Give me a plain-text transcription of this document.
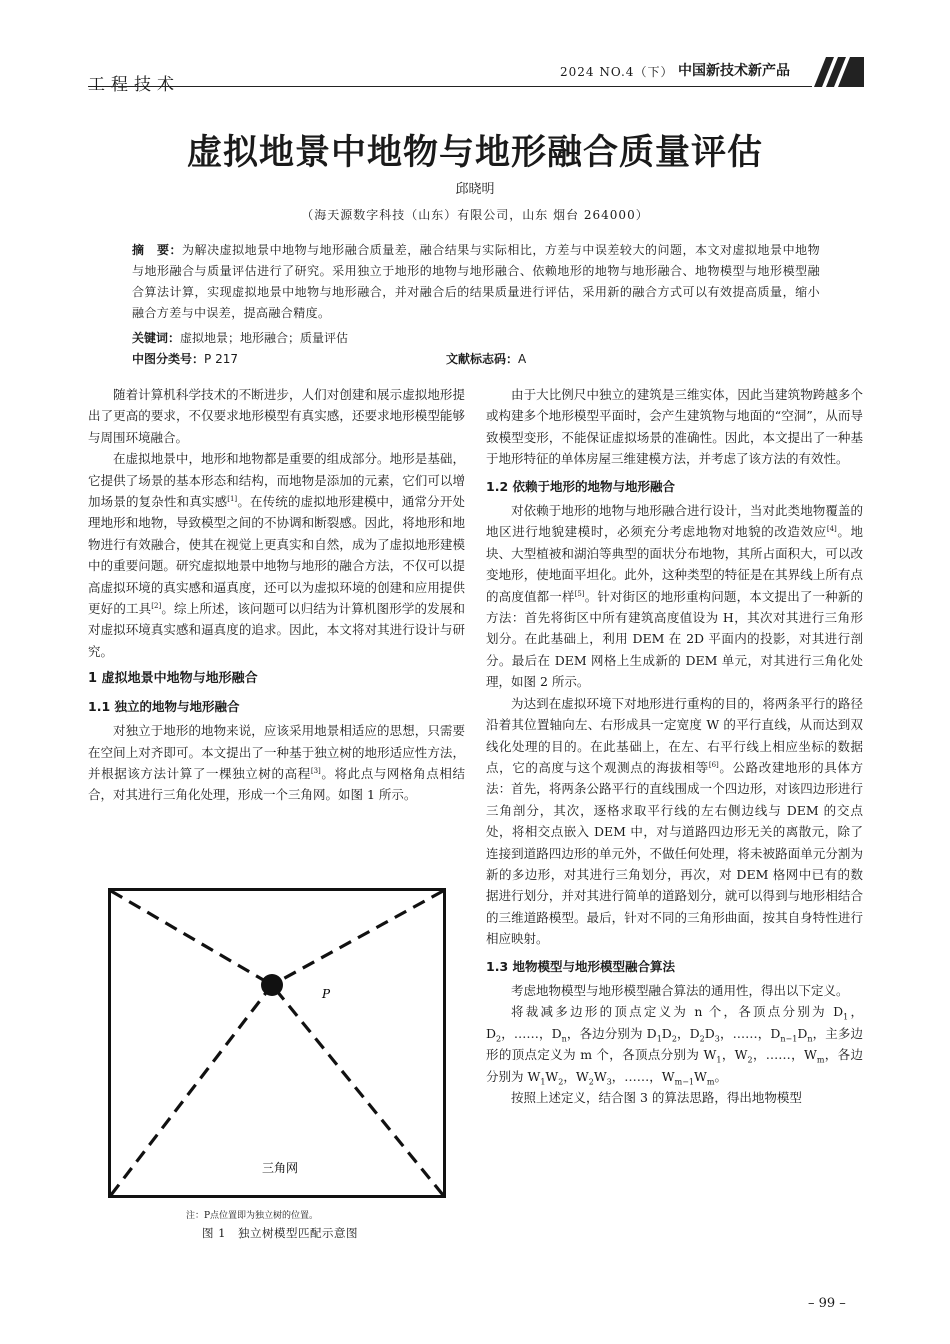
工程技术
2024 NO.4（下） 中国新技术新产品
虚拟地景中地物与地形融合质量评估
邱晓明
（海天源数字科技（山东）有限公司，山东 烟台 264000）
摘　要：为解决虚拟地景中地物与地形融合质量差，融合结果与实际相比，方差与中误差较大的问题，本文对虚拟地景中地物与地形融合与质量评估进行了研究。采用独立于地形的地物与地形融合、依赖地形的地物与地形融合、地物模型与地形模型融合算法计算，实现虚拟地景中地物与地形融合，并对融合后的结果质量进行评估，采用新的融合方式可以有效提高质量，缩小融合方差与中误差，提高融合精度。
关键词：虚拟地景；地形融合；质量评估
中图分类号：P 217	文献标志码：A

随着计算机科学技术的不断进步，人们对创建和展示虚拟地形提出了更高的要求，不仅要求地形模型有真实感，还要求地形模型能够与周围环境融合。

在虚拟地景中，地形和地物都是重要的组成部分。地形是基础，它提供了场景的基本形态和结构，而地物是添加的元素，它们可以增加场景的复杂性和真实感[1]。在传统的虚拟地形建模中，通常分开处理地形和地物，导致模型之间的不协调和断裂感。因此，将地形和地物进行有效融合，使其在视觉上更真实和自然，成为了虚拟地形建模中的重要问题。研究虚拟地景中地物与地形的融合方法，不仅可以提高虚拟环境的真实感和逼真度，还可以为虚拟环境的创建和应用提供更好的工具[2]。综上所述，该问题可以归结为计算机图形学的发展和对虚拟环境真实感和逼真度的追求。因此，本文将对其进行设计与研究。

1 虚拟地景中地物与地形融合
1.1 独立的地物与地形融合

对独立于地形的地物来说，应该采用地景相适应的思想，只需要在空间上对齐即可。本文提出了一种基于独立树的地形适应性方法，并根据该方法计算了一棵独立树的高程[3]。将此点与网格角点相结合，对其进行三角化处理，形成一个三角网。如图 1 所示。

P
三角网
注：P点位置即为独立树的位置。
图 1　独立树模型匹配示意图

由于大比例尺中独立的建筑是三维实体，因此当建筑物跨越多个或构建多个地形模型平面时，会产生建筑物与地面的“空洞”，从而导致模型变形，不能保证虚拟场景的准确性。因此，本文提出了一种基于地形特征的单体房屋三维建模方法，并考虑了该方法的有效性。

1.2 依赖于地形的地物与地形融合

对依赖于地形的地物与地形融合进行设计，当对此类地物覆盖的地区进行地貌建模时，必须充分考虑地物对地貌的改造效应[4]。地块、大型植被和湖泊等典型的面状分布地物，其所占面积大，可以改变地形，使地面平坦化。此外，这种类型的特征是在其界线上所有点的高度值都一样[5]。针对街区的地形重构问题，本文提出了一种新的方法：首先将街区中所有建筑高度值设为 H，其次对其进行三角形划分。在此基础上，利用 DEM 在 2D 平面内的投影，对其进行剖分。最后在 DEM 网格上生成新的 DEM 单元，对其进行三角化处理，如图 2 所示。

为达到在虚拟环境下对地形进行重构的目的，将两条平行的路径沿着其位置轴向左、右形成具一定宽度 W 的平行直线，从而达到双线化处理的目的。在此基础上，在左、右平行线上相应坐标的数据点，它的高度与这个观测点的海拔相等[6]。公路改建地形的具体方法：首先，将两条公路平行的直线围成一个四边形，对该四边形进行三角剖分，其次，逐格求取平行线的左右侧边线与 DEM 的交点处，将相交点嵌入 DEM 中，对与道路四边形无关的离散元，除了连接到道路四边形的单元外，不做任何处理，将未被路面单元分割为新的多边形，对其进行三角划分，再次，对 DEM 格网中已有的数据进行划分，并对其进行简单的道路划分，就可以得到与地形相结合的三维道路模型。最后，针对不同的三角形曲面，按其自身特性进行相应映射。

1.3 地物模型与地形模型融合算法

考虑地物模型与地形模型融合算法的通用性，得出以下定义。

将裁减多边形的顶点定义为 n 个，各顶点分别为 $D_1$，$D_2$，……，$D_n$，各边分别为 $D_1D_2$，$D_2D_3$，……，$D_{n-1}D_n$，主多边形的顶点定义为 m 个，各顶点分别为 $W_1$，$W_2$，……，$W_m$，各边分别为 $W_1W_2$，$W_2W_3$，……，$W_{m-1}W_m$。

按照上述定义，结合图 3 的算法思路，得出地物模型

– 99 –
